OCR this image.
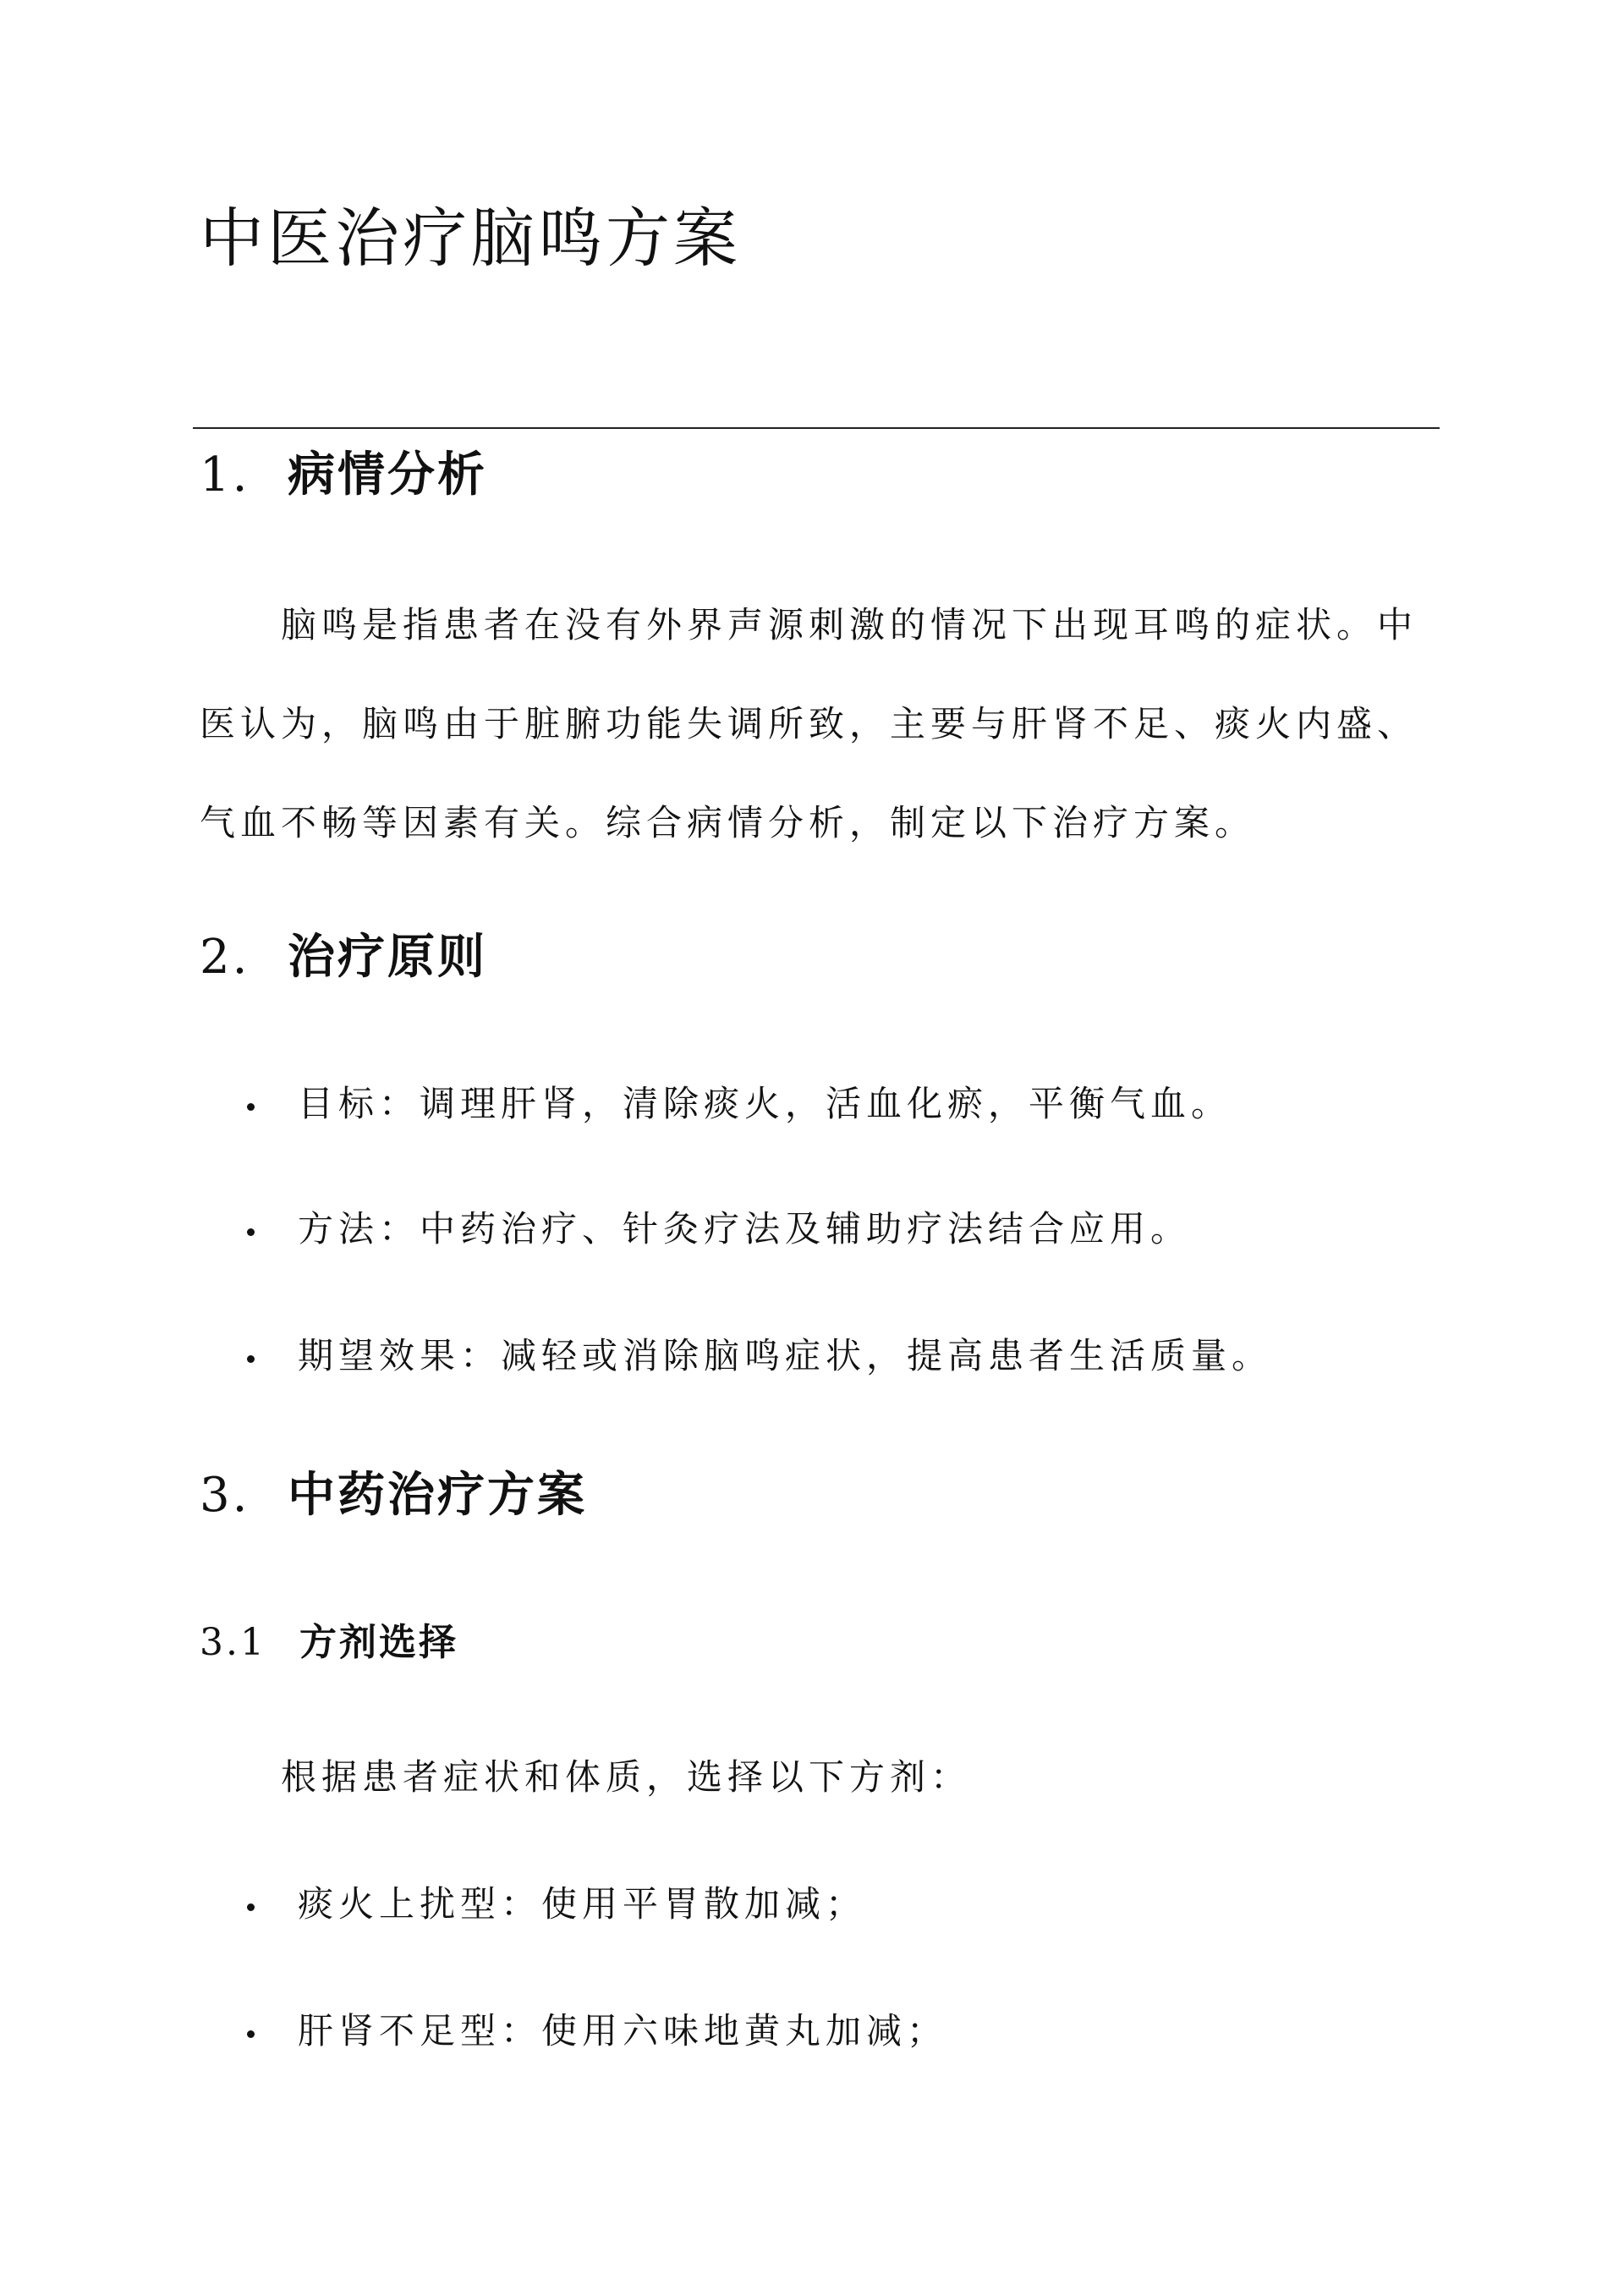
中医治疗脑鸣方案
1. 病情分析

脑鸣是指患者在没有外界声源刺激的情况下出现耳鸣的症状。中医认为，脑鸣由于脏腑功能失调所致，主要与肝肾不足、痰火内盛、气血不畅等因素有关。综合病情分析，制定以下治疗方案。

2. 治疗原则
目标：调理肝肾，清除痰火，活血化瘀，平衡气血。
方法：中药治疗、针灸疗法及辅助疗法结合应用。
期望效果：减轻或消除脑鸣症状，提高患者生活质量。
3. 中药治疗方案
3.1 方剂选择

根据患者症状和体质，选择以下方剂：

痰火上扰型：使用平胃散加减；
肝肾不足型：使用六味地黄丸加减；
